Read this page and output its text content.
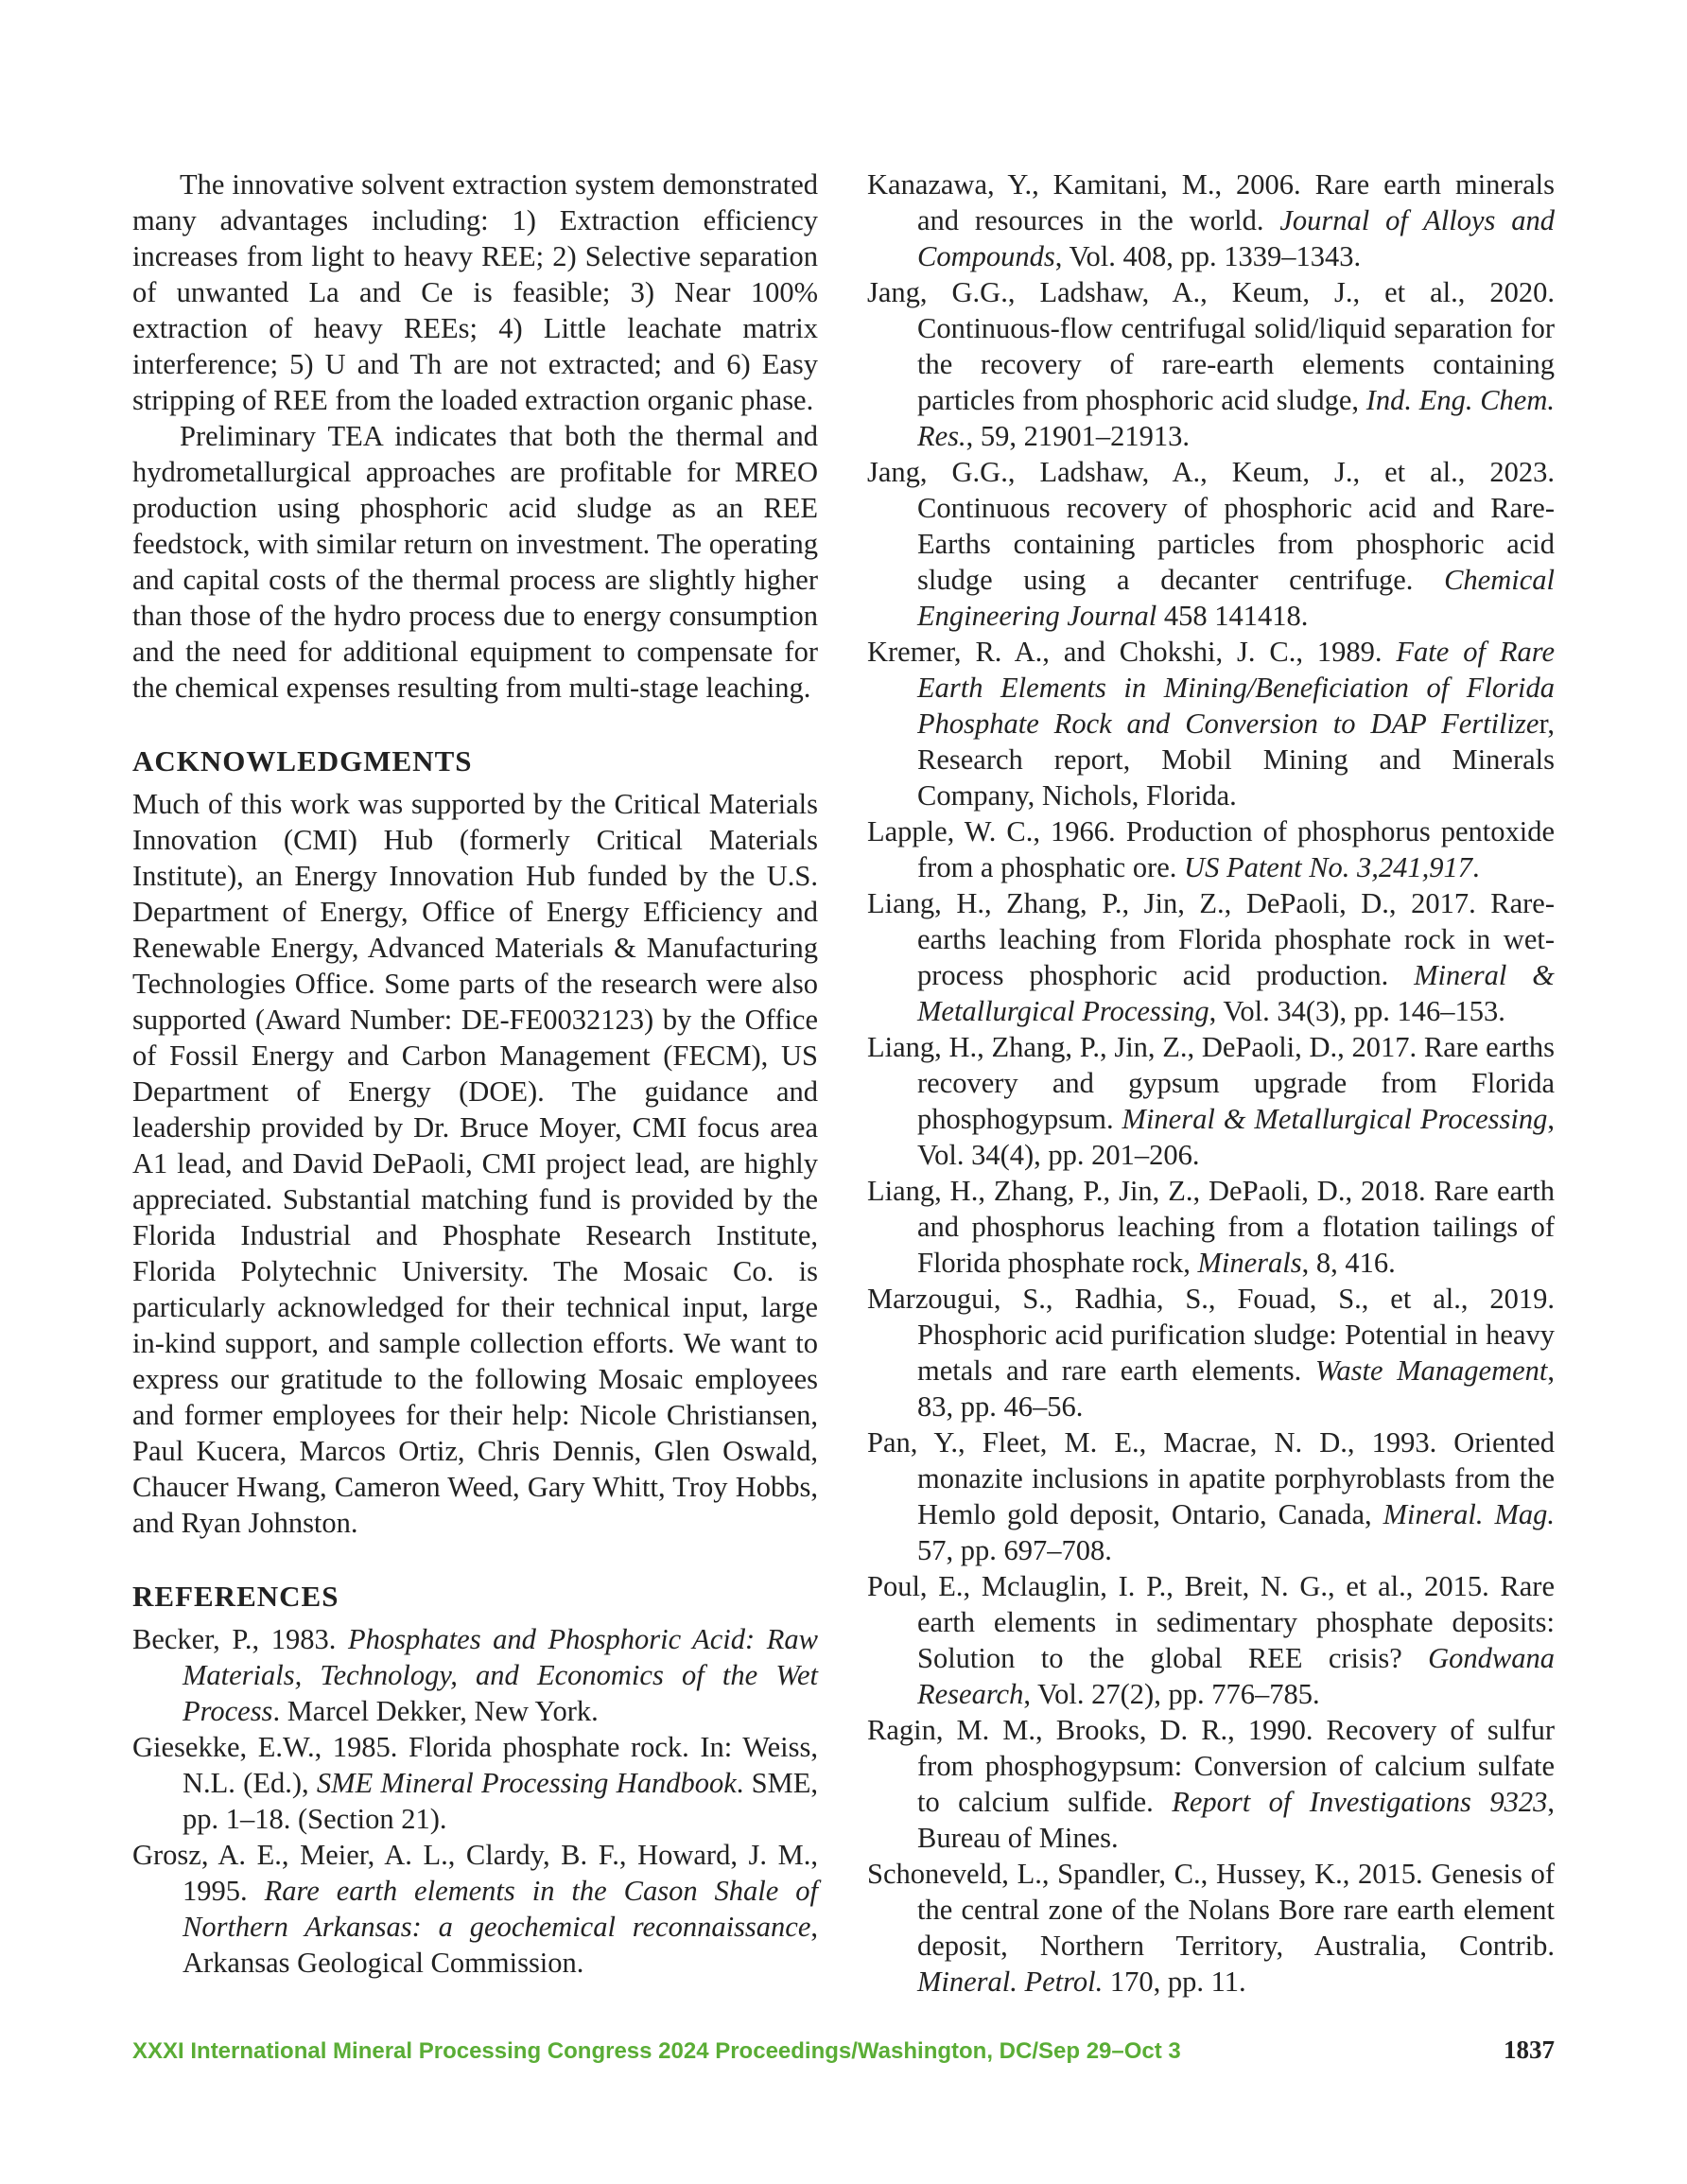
The innovative solvent extraction system demonstrated many advantages including: 1) Extraction efficiency increases from light to heavy REE; 2) Selective separation of unwanted La and Ce is feasible; 3) Near 100% extraction of heavy REEs; 4) Little leachate matrix interference; 5) U and Th are not extracted; and 6) Easy stripping of REE from the loaded extraction organic phase.

Preliminary TEA indicates that both the thermal and hydrometallurgical approaches are profitable for MREO production using phosphoric acid sludge as an REE feedstock, with similar return on investment. The operating and capital costs of the thermal process are slightly higher than those of the hydro process due to energy consumption and the need for additional equipment to compensate for the chemical expenses resulting from multi-stage leaching.

ACKNOWLEDGMENTS

Much of this work was supported by the Critical Materials Innovation (CMI) Hub (formerly Critical Materials Institute), an Energy Innovation Hub funded by the U.S. Department of Energy, Office of Energy Efficiency and Renewable Energy, Advanced Materials & Manufacturing Technologies Office. Some parts of the research were also supported (Award Number: DE-FE0032123) by the Office of Fossil Energy and Carbon Management (FECM), US Department of Energy (DOE). The guidance and leadership provided by Dr. Bruce Moyer, CMI focus area A1 lead, and David DePaoli, CMI project lead, are highly appreciated. Substantial matching fund is provided by the Florida Industrial and Phosphate Research Institute, Florida Polytechnic University. The Mosaic Co. is particularly acknowledged for their technical input, large in-kind support, and sample collection efforts. We want to express our gratitude to the following Mosaic employees and former employees for their help: Nicole Christiansen, Paul Kucera, Marcos Ortiz, Chris Dennis, Glen Oswald, Chaucer Hwang, Cameron Weed, Gary Whitt, Troy Hobbs, and Ryan Johnston.

REFERENCES

Becker, P., 1983. Phosphates and Phosphoric Acid: Raw Materials, Technology, and Economics of the Wet Process. Marcel Dekker, New York.

Giesekke, E.W., 1985. Florida phosphate rock. In: Weiss, N.L. (Ed.), SME Mineral Processing Handbook. SME, pp. 1–18. (Section 21).

Grosz, A. E., Meier, A. L., Clardy, B. F., Howard, J. M., 1995. Rare earth elements in the Cason Shale of Northern Arkansas: a geochemical reconnaissance, Arkansas Geological Commission.

Kanazawa, Y., Kamitani, M., 2006. Rare earth minerals and resources in the world. Journal of Alloys and Compounds, Vol. 408, pp. 1339–1343.

Jang, G.G., Ladshaw, A., Keum, J., et al., 2020. Continuous-flow centrifugal solid/liquid separation for the recovery of rare-earth elements containing particles from phosphoric acid sludge, Ind. Eng. Chem. Res., 59, 21901–21913.

Jang, G.G., Ladshaw, A., Keum, J., et al., 2023. Continuous recovery of phosphoric acid and Rare-Earths containing particles from phosphoric acid sludge using a decanter centrifuge. Chemical Engineering Journal 458 141418.

Kremer, R. A., and Chokshi, J. C., 1989. Fate of Rare Earth Elements in Mining/Beneficiation of Florida Phosphate Rock and Conversion to DAP Fertilizer, Research report, Mobil Mining and Minerals Company, Nichols, Florida.

Lapple, W. C., 1966. Production of phosphorus pentoxide from a phosphatic ore. US Patent No. 3,241,917.

Liang, H., Zhang, P., Jin, Z., DePaoli, D., 2017. Rare-earths leaching from Florida phosphate rock in wet-process phosphoric acid production. Mineral & Metallurgical Processing, Vol. 34(3), pp. 146–153.

Liang, H., Zhang, P., Jin, Z., DePaoli, D., 2017. Rare earths recovery and gypsum upgrade from Florida phosphogypsum. Mineral & Metallurgical Processing, Vol. 34(4), pp. 201–206.

Liang, H., Zhang, P., Jin, Z., DePaoli, D., 2018. Rare earth and phosphorus leaching from a flotation tailings of Florida phosphate rock, Minerals, 8, 416.

Marzougui, S., Radhia, S., Fouad, S., et al., 2019. Phosphoric acid purification sludge: Potential in heavy metals and rare earth elements. Waste Management, 83, pp. 46–56.

Pan, Y., Fleet, M. E., Macrae, N. D., 1993. Oriented monazite inclusions in apatite porphyroblasts from the Hemlo gold deposit, Ontario, Canada, Mineral. Mag. 57, pp. 697–708.

Poul, E., Mclauglin, I. P., Breit, N. G., et al., 2015. Rare earth elements in sedimentary phosphate deposits: Solution to the global REE crisis? Gondwana Research, Vol. 27(2), pp. 776–785.

Ragin, M. M., Brooks, D. R., 1990. Recovery of sulfur from phosphogypsum: Conversion of calcium sulfate to calcium sulfide. Report of Investigations 9323, Bureau of Mines.

Schoneveld, L., Spandler, C., Hussey, K., 2015. Genesis of the central zone of the Nolans Bore rare earth element deposit, Northern Territory, Australia, Contrib. Mineral. Petrol. 170, pp. 11.

XXXI International Mineral Processing Congress 2024 Proceedings/Washington, DC/Sep 29–Oct 3	1837
